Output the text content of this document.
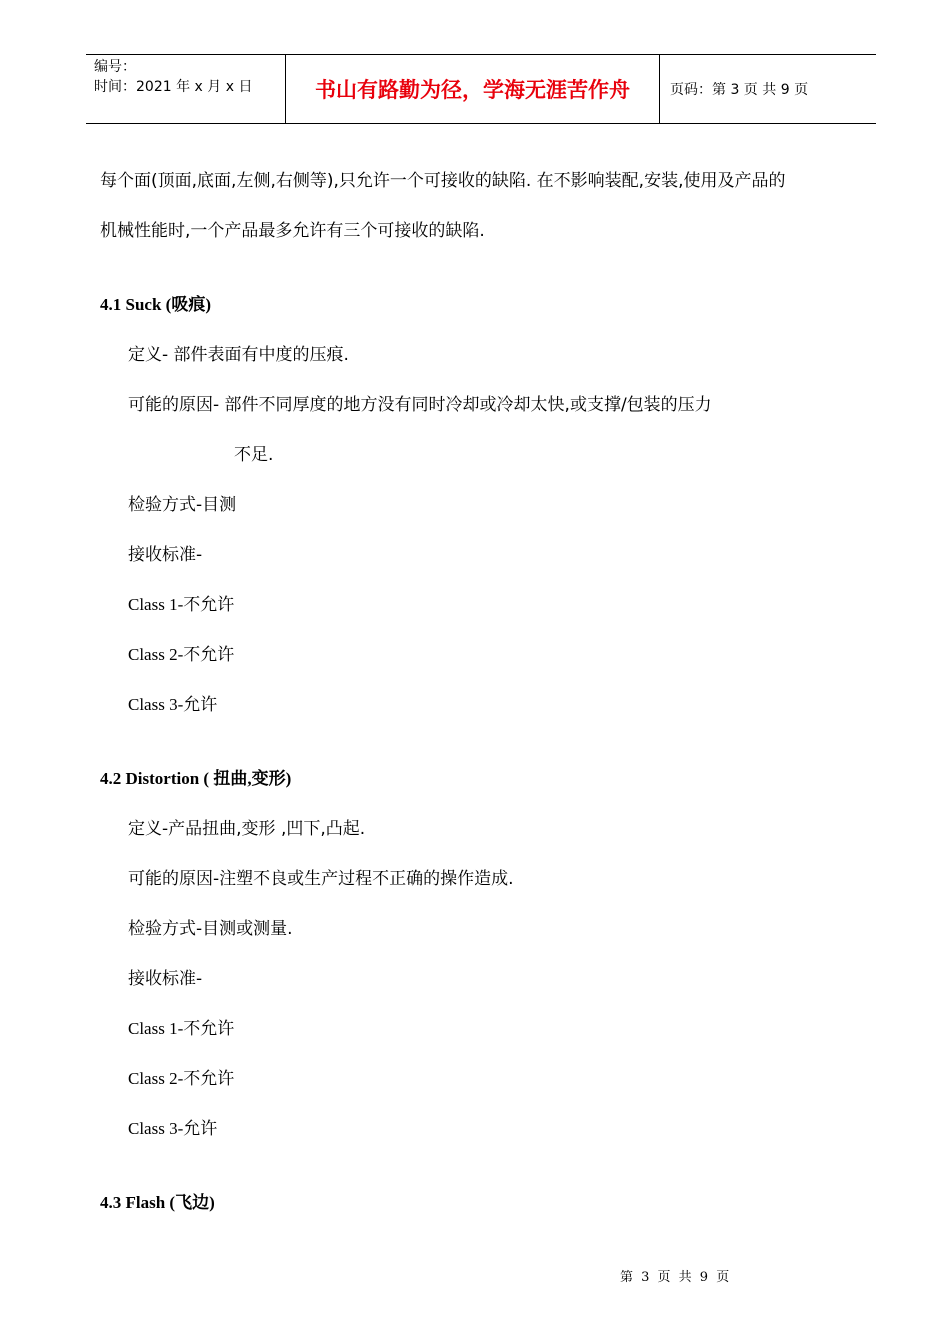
编号：
时间：2021 年 x 月 x 日	书山有路勤为径，学海无涯苦作舟	页码：第 3 页 共 9 页

每个面(顶面,底面,左侧,右侧等),只允许一个可接收的缺陷. 在不影响装配,安装,使用及产品的

机械性能时,一个产品最多允许有三个可接收的缺陷.

4.1 Suck (吸痕)
定义- 部件表面有中度的压痕.
可能的原因- 部件不同厚度的地方没有同时冷却或冷却太快,或支撑/包装的压力
不足.
检验方式-目测
接收标准-
Class 1-不允许
Class 2-不允许
Class 3-允许
4.2 Distortion ( 扭曲,变形)
定义-产品扭曲,变形 ,凹下,凸起.
可能的原因-注塑不良或生产过程不正确的操作造成.
检验方式-目测或测量.
接收标准-
Class 1-不允许
Class 2-不允许
Class 3-允许
4.3 Flash (飞边)
第 3 页 共 9 页
